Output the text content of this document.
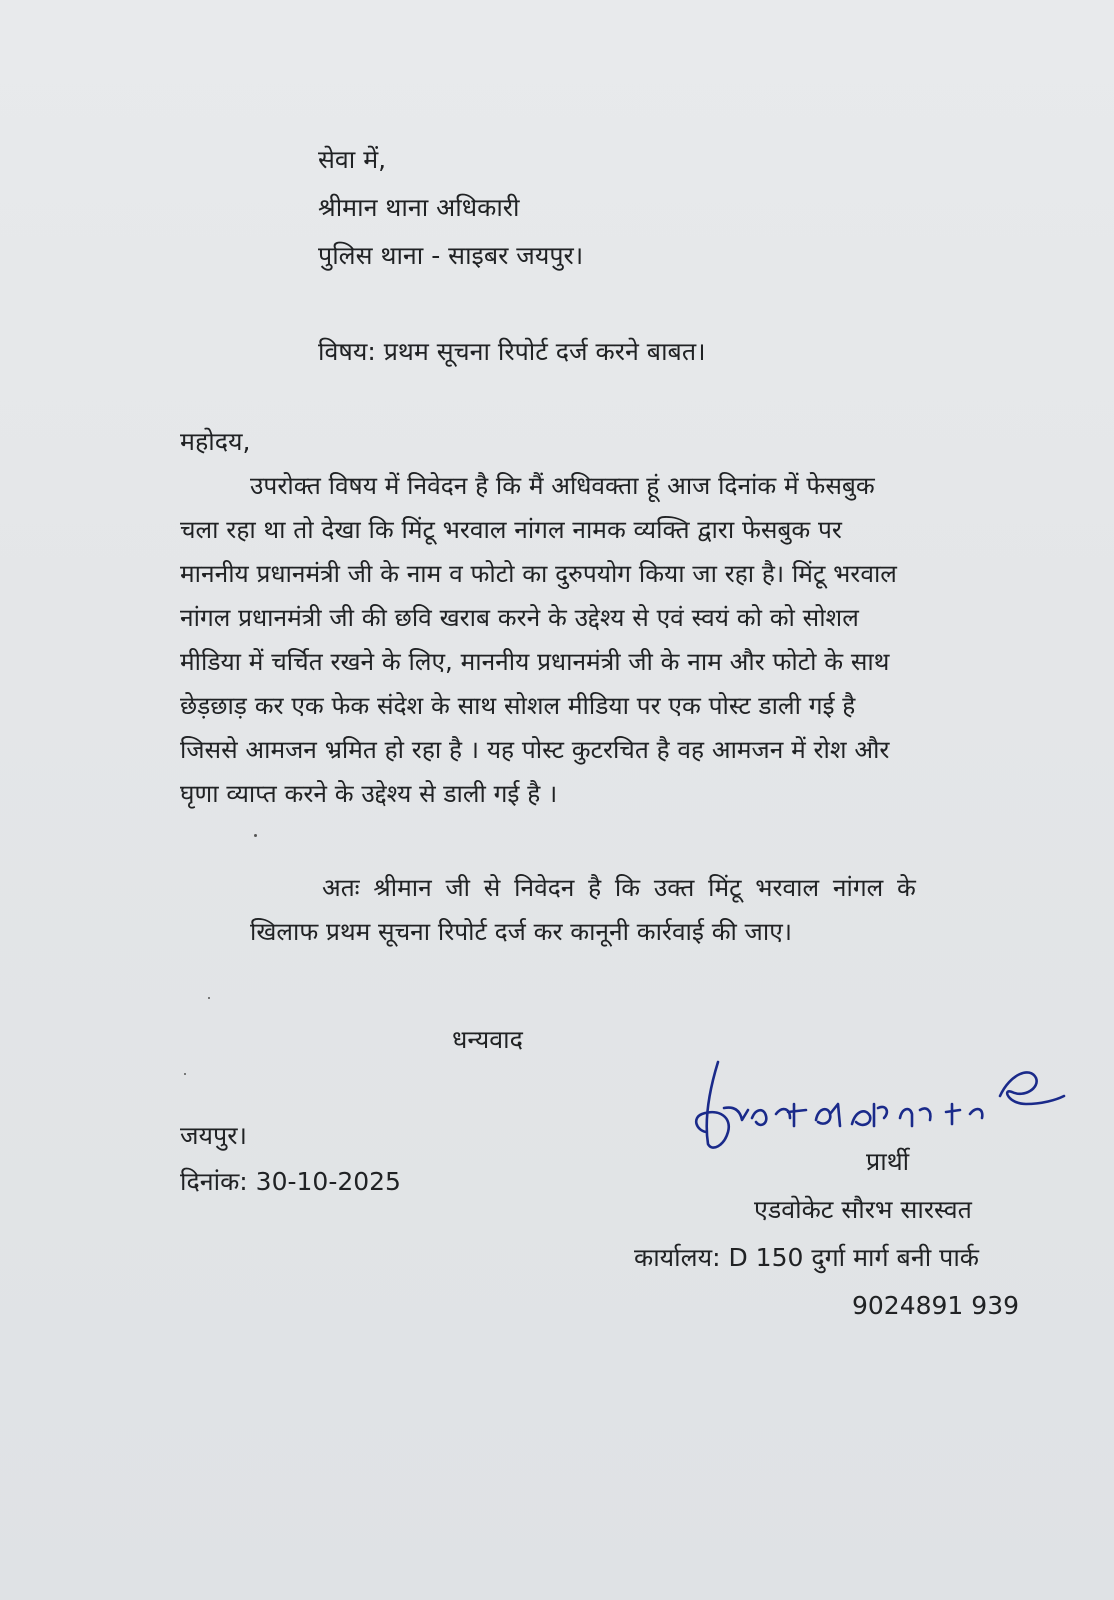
सेवा में,
श्रीमान थाना अधिकारी
पुलिस थाना - साइबर जयपुर।
विषय: प्रथम सूचना रिपोर्ट दर्ज करने बाबत।
महोदय,
उपरोक्त विषय में निवेदन है कि मैं अधिवक्ता हूं आज दिनांक में फेसबुक
चला रहा था तो देखा कि मिंटू भरवाल नांगल नामक व्यक्ति द्वारा फेसबुक पर
माननीय प्रधानमंत्री जी के नाम व फोटो का दुरुपयोग किया जा रहा है। मिंटू भरवाल
नांगल प्रधानमंत्री जी की छवि खराब करने के उद्देश्य से एवं स्वयं को को सोशल
मीडिया में चर्चित रखने के लिए, माननीय प्रधानमंत्री जी के नाम और फोटो के साथ
छेड़छाड़ कर एक फेक संदेश के साथ सोशल मीडिया पर एक पोस्ट डाली गई है
जिससे आमजन भ्रमित हो रहा है । यह पोस्ट कुटरचित है वह आमजन में रोश और
घृणा व्याप्त करने के उद्देश्य से डाली गई है ।
अतः श्रीमान जी से निवेदन है कि उक्त मिंटू भरवाल नांगल के
खिलाफ प्रथम सूचना रिपोर्ट दर्ज कर कानूनी कार्रवाई की जाए।
धन्यवाद
जयपुर।
दिनांक: 30-10-2025
प्रार्थी
एडवोकेट सौरभ सारस्वत
कार्यालय: D 150 दुर्गा मार्ग बनी पार्क
9024891 939
